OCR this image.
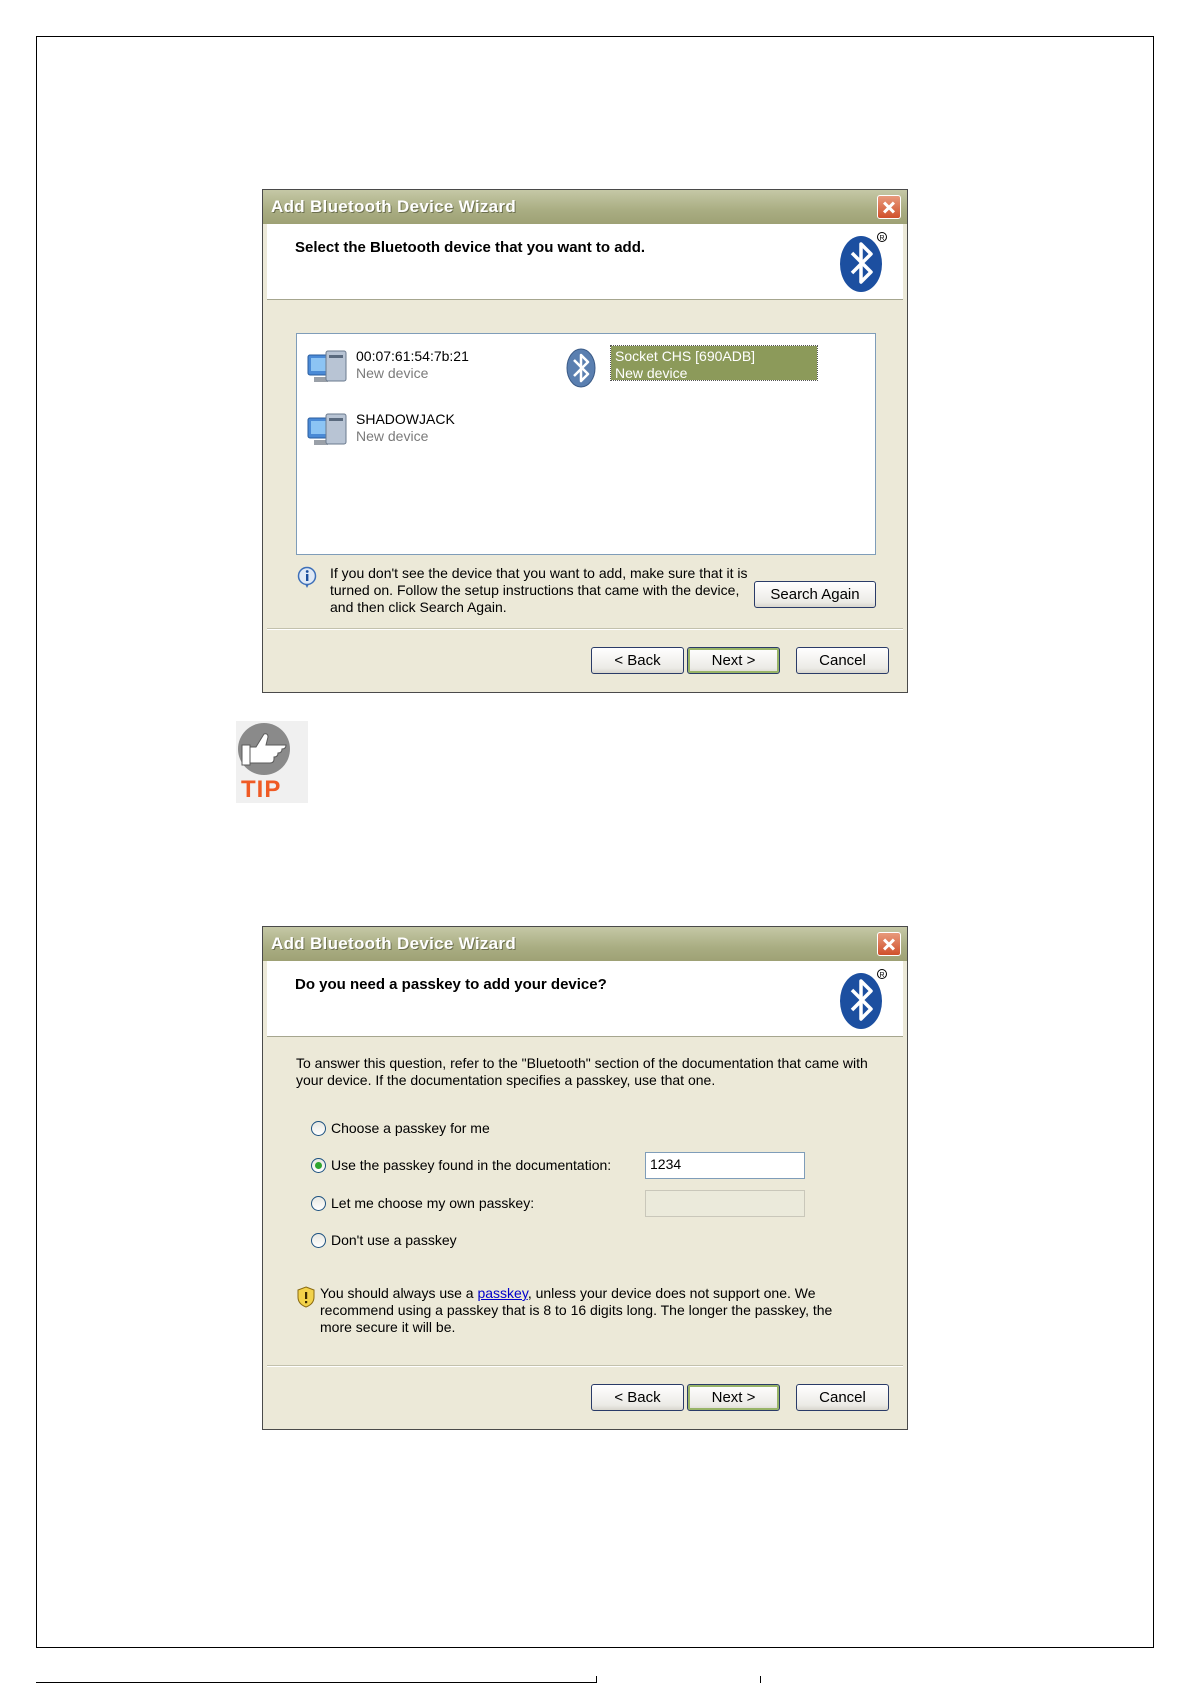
Add Bluetooth Device Wizard
Select the Bluetooth device that you want to add.
R
00:07:61:54:7b:21
New device
Socket CHS [690ADB]
New device
SHADOWJACK
New device
If you don't see the device that you want to add, make sure that it is turned on. Follow the setup instructions that came with the device, and then click Search Again.
Search Again
< Back	Next >	Cancel
TIP
Add Bluetooth Device Wizard
Do you need a passkey to add your device?
R
To answer this question, refer to the "Bluetooth" section of the documentation that came with your device. If the documentation specifies a passkey, use that one.
Choose a passkey for me
Use the passkey found in the documentation:	1234
Let me choose my own passkey:
Don't use a passkey
You should always use a passkey, unless your device does not support one. We recommend using a passkey that is 8 to 16 digits long. The longer the passkey, the more secure it will be.
< Back	Next >	Cancel
